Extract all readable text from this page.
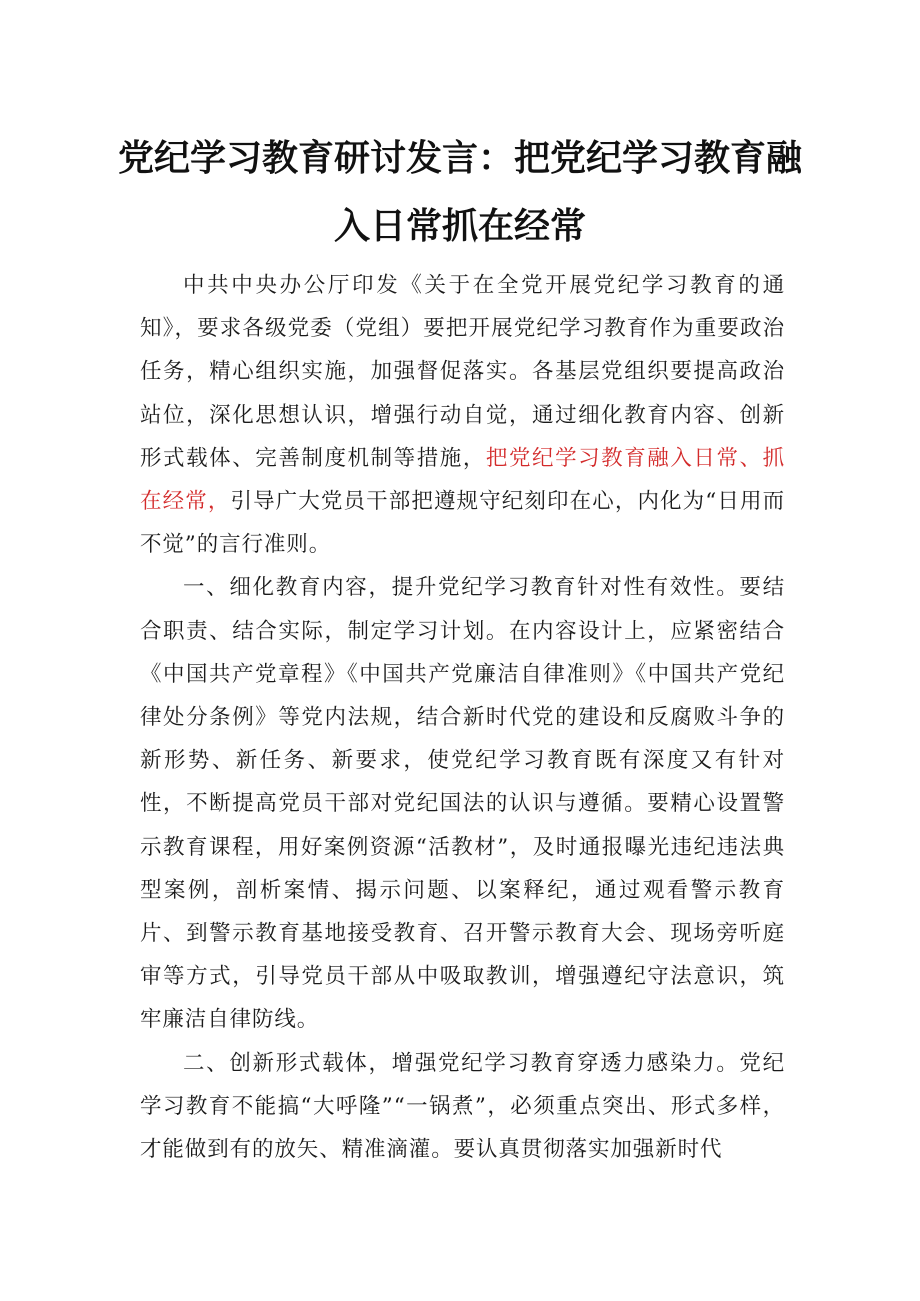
党纪学习教育研讨发言：把党纪学习教育融
入日常抓在经常

中共中央办公厅印发《关于在全党开展党纪学习教育的通知》，要求各级党委（党组）要把开展党纪学习教育作为重要政治任务，精心组织实施，加强督促落实。各基层党组织要提高政治站位，深化思想认识，增强行动自觉，通过细化教育内容、创新形式载体、完善制度机制等措施，把党纪学习教育融入日常、抓在经常，引导广大党员干部把遵规守纪刻印在心，内化为“日用而不觉”的言行准则。

一、细化教育内容，提升党纪学习教育针对性有效性。要结合职责、结合实际，制定学习计划。在内容设计上，应紧密结合《中国共产党章程》《中国共产党廉洁自律准则》《中国共产党纪律处分条例》等党内法规，结合新时代党的建设和反腐败斗争的新形势、新任务、新要求，使党纪学习教育既有深度又有针对性，不断提高党员干部对党纪国法的认识与遵循。要精心设置警示教育课程，用好案例资源“活教材”，及时通报曝光违纪违法典型案例，剖析案情、揭示问题、以案释纪，通过观看警示教育片、到警示教育基地接受教育、召开警示教育大会、现场旁听庭审等方式，引导党员干部从中吸取教训，增强遵纪守法意识，筑牢廉洁自律防线。

二、创新形式载体，增强党纪学习教育穿透力感染力。党纪学习教育不能搞“大呼隆”“一锅煮”，必须重点突出、形式多样，才能做到有的放矢、精准滴灌。要认真贯彻落实加强新时代
